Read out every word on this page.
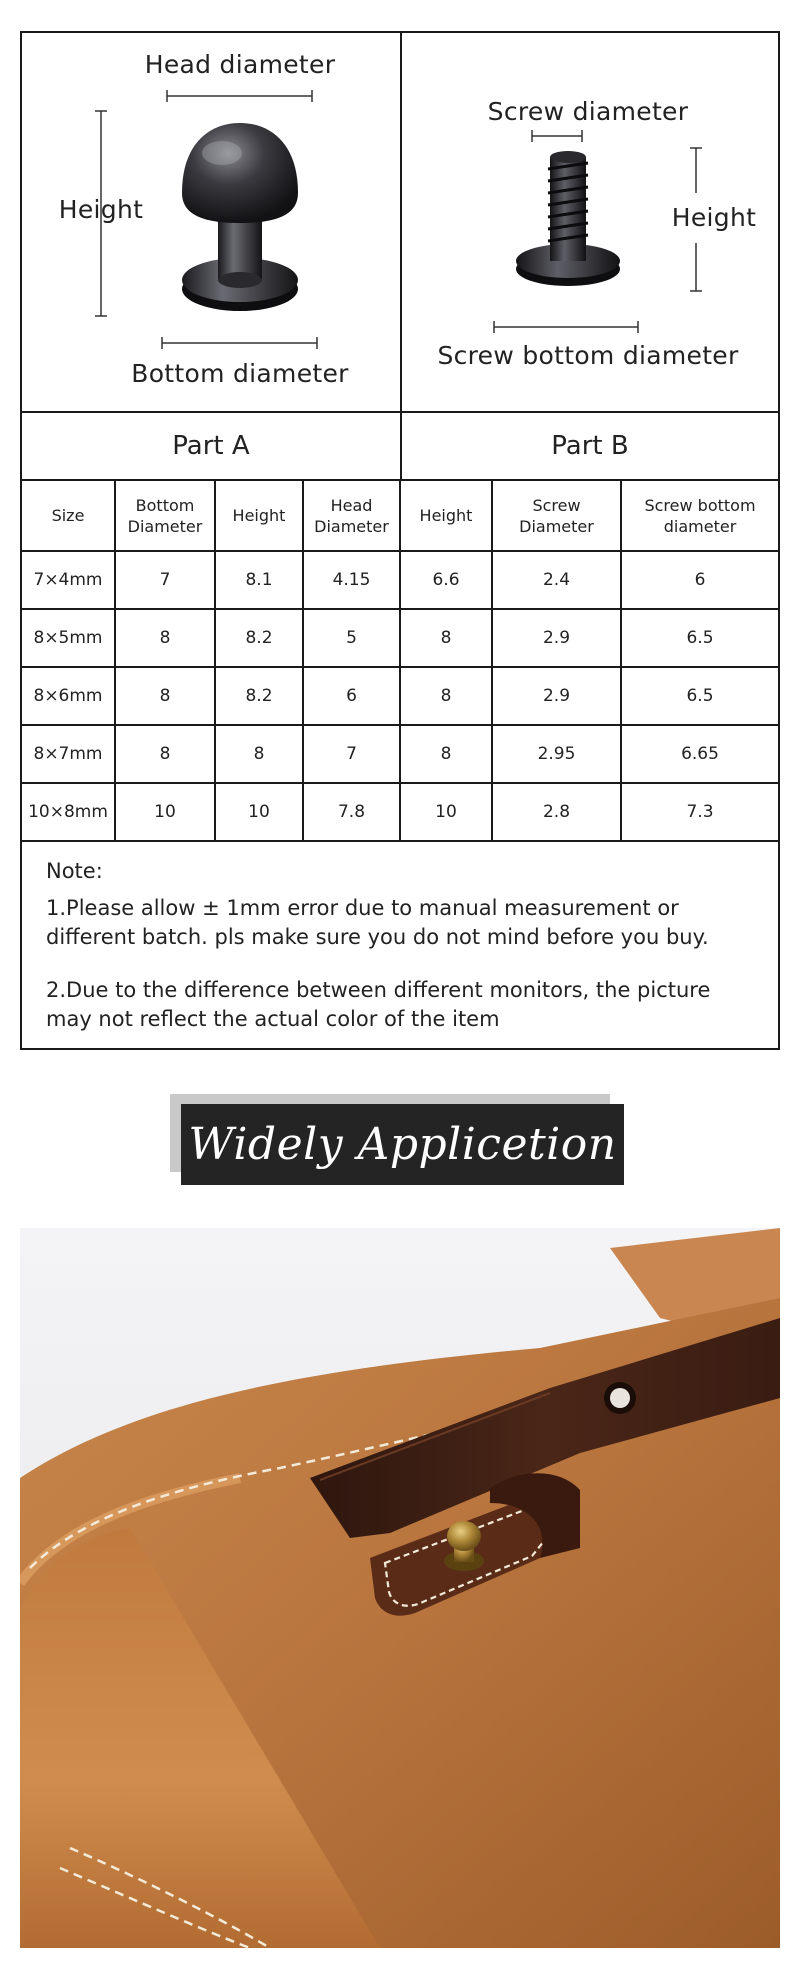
Head diameter
Height
Bottom diameter
Screw diameter
Height
Screw bottom diameter
Part A	Part B
Size	Bottom Diameter	Height	Head Diameter	Height	Screw Diameter	Screw bottom diameter
7×4mm	7	8.1	4.15	6.6	2.4	6
8×5mm	8	8.2	5	8	2.9	6.5
8×6mm	8	8.2	6	8	2.9	6.5
8×7mm	8	8	7	8	2.95	6.65
10×8mm	10	10	7.8	10	2.8	7.3

Note:

1.Please allow ± 1mm error due to manual measurement or different batch. pls make sure you do not mind before you buy.

2.Due to the difference between different monitors, the picture may not reflect the actual color of the item

Widely Applicetion
